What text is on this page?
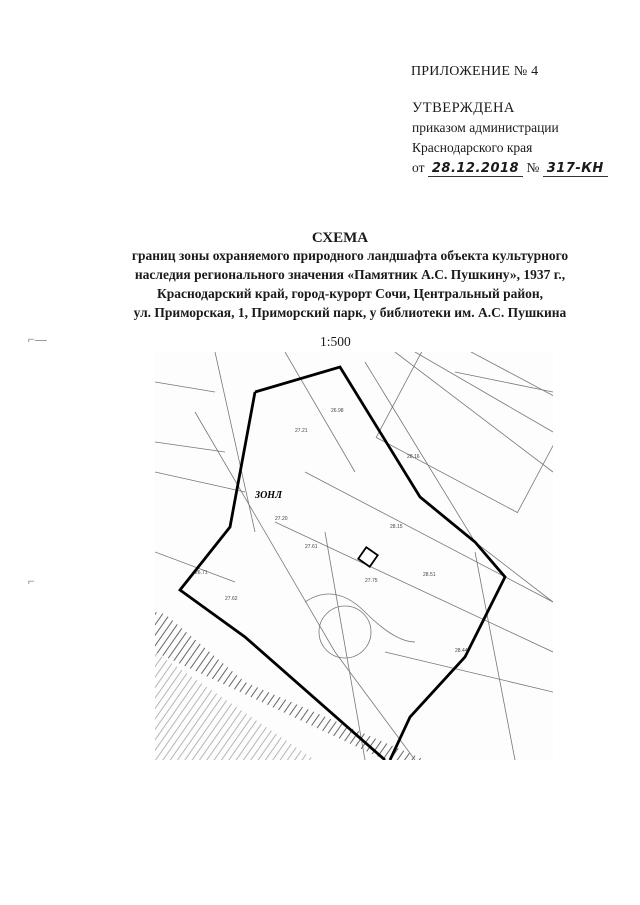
ПРИЛОЖЕНИЕ № 4
УТВЕРЖДЕНА
приказом администрации
Краснодарского края
от 28.12.2018 № 317-КН
СХЕМА
границ зоны охраняемого природного ландшафта объекта культурного
наследия регионального значения «Памятник А.С. Пушкину», 1937 г.,
Краснодарский край, город-курорт Сочи, Центральный район,
ул. Приморская, 1, Приморский парк, у библиотеки им. А.С. Пушкина
1:500
⌐—
⌐
27.20
27.61
27.62
26.71
28.15
28.51
28.44
27.75
28.16
26.98
27.21
ЗОНЛ
